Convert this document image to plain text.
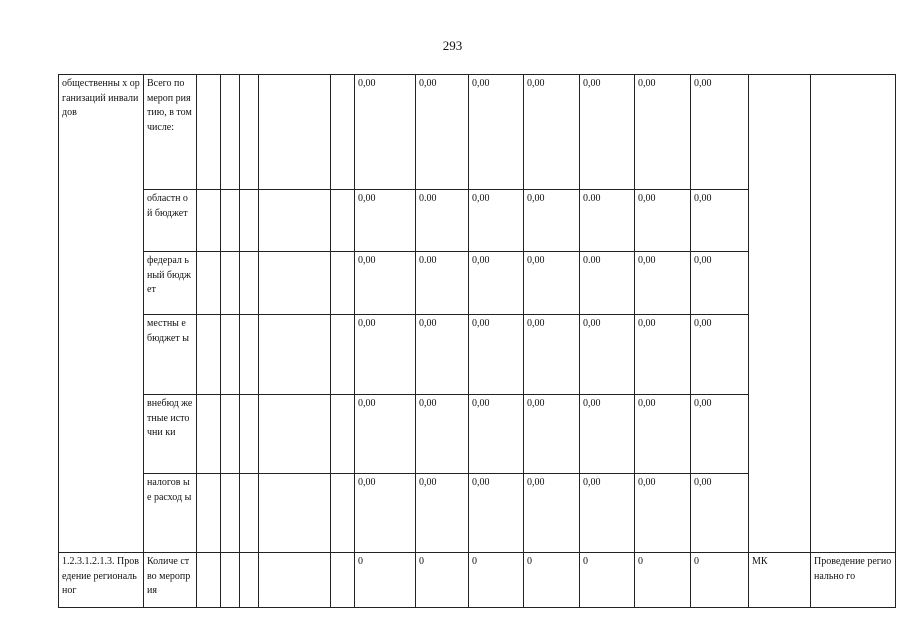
293
общественны х организаций инвалидов	Всего по мероп риятию, в том числе:						0,00	0,00	0,00	0,00	0,00	0,00	0,00		
	областн ой бюджет						0,00	0.00	0,00	0,00	0.00	0,00	0,00		
	федерал ьный бюджет						0,00	0.00	0,00	0,00	0.00	0,00	0,00		
	местны е бюджет ы						0,00	0,00	0,00	0,00	0,00	0,00	0,00		
	внебюд жетные источни ки						0,00	0,00	0,00	0,00	0,00	0,00	0,00		
	налогов ые расход ы						0,00	0,00	0,00	0,00	0,00	0,00	0,00		
1.2.3.1.2.1.3. Проведение региональног	Количе ство мероприя						0	0	0	0	0	0	0	МК	Проведение регионально го
